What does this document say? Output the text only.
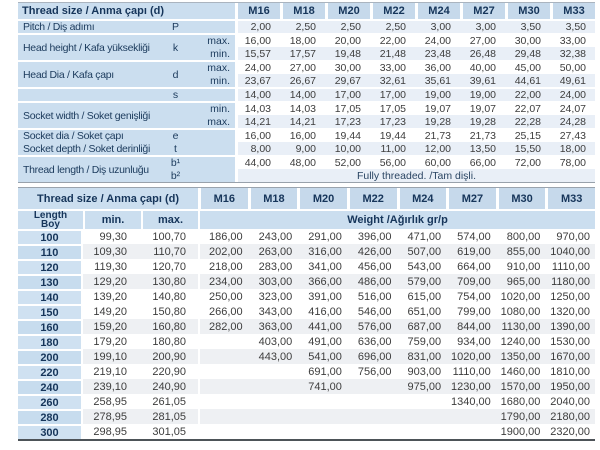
Thread size / Anma çapı (d)			M16	M18	M20	M22	M24	M27	M30	M33
Pitch / Diş adımı	P		2,00	2,50	2,50	2,50	3,00	3,00	3,50	3,50
Head height / Kafa yüksekliği	k	max.	16,00	18,00	20,00	22,00	24,00	27,00	30,00	33,00
		min.	15,57	17,57	19,48	21,48	23,48	26,48	29,48	32,38
Head Dia / Kafa çapı	d	max.	24,00	27,00	30,00	33,00	36,00	40,00	45,00	50,00
		min.	23,67	26,67	29,67	32,61	35,61	39,61	44,61	49,61
	s		14,00	14,00	17,00	17,00	19,00	19,00	22,00	24,00
Socket width / Soket genişliği		min.	14,03	14,03	17,05	17,05	19,07	19,07	22,07	24,07
		max.	14,21	14,21	17,23	17,23	19,28	19,28	22,28	24,28
Socket dia / Soket çapı	e		16,00	16,00	19,44	19,44	21,73	21,73	25,15	27,43
Socket depth / Soket derinliği	t		8,00	9,00	10,00	11,00	12,00	13,50	15,50	18,00
Thread length / Diş uzunluğu	b¹		44,00	48,00	52,00	56,00	60,00	66,00	72,00	78,00
	b²		Fully threaded. /Tam dişli.							
Thread size / Anma çapı (d)			M16	M18	M20	M22	M24	M27	M30	M33

Length
Boy	min.	max.	Weight /Ağırlık gr/p							
100	99,30	100,70	186,00	243,00	291,00	396,00	471,00	574,00	800,00	970,00
110	109,30	110,70	202,00	263,00	316,00	426,00	507,00	619,00	855,00	1040,00
120	119,30	120,70	218,00	283,00	341,00	456,00	543,00	664,00	910,00	1110,00
130	129,20	130,80	234,00	303,00	366,00	486,00	579,00	709,00	965,00	1180,00
140	139,20	140,80	250,00	323,00	391,00	516,00	615,00	754,00	1020,00	1250,00
150	149,20	150,80	266,00	343,00	416,00	546,00	651,00	799,00	1080,00	1320,00
160	159,20	160,80	282,00	363,00	441,00	576,00	687,00	844,00	1130,00	1390,00
180	179,20	180,80		403,00	491,00	636,00	759,00	934,00	1240,00	1530,00
200	199,10	200,90		443,00	541,00	696,00	831,00	1020,00	1350,00	1670,00
220	219,10	220,90			691,00	756,00	903,00	1110,00	1460,00	1810,00
240	239,10	240,90			741,00		975,00	1230,00	1570,00	1950,00
260	258,95	261,05						1340,00	1680,00	2040,00
280	278,95	281,05							1790,00	2180,00
300	298,95	301,05							1900,00	2320,00
